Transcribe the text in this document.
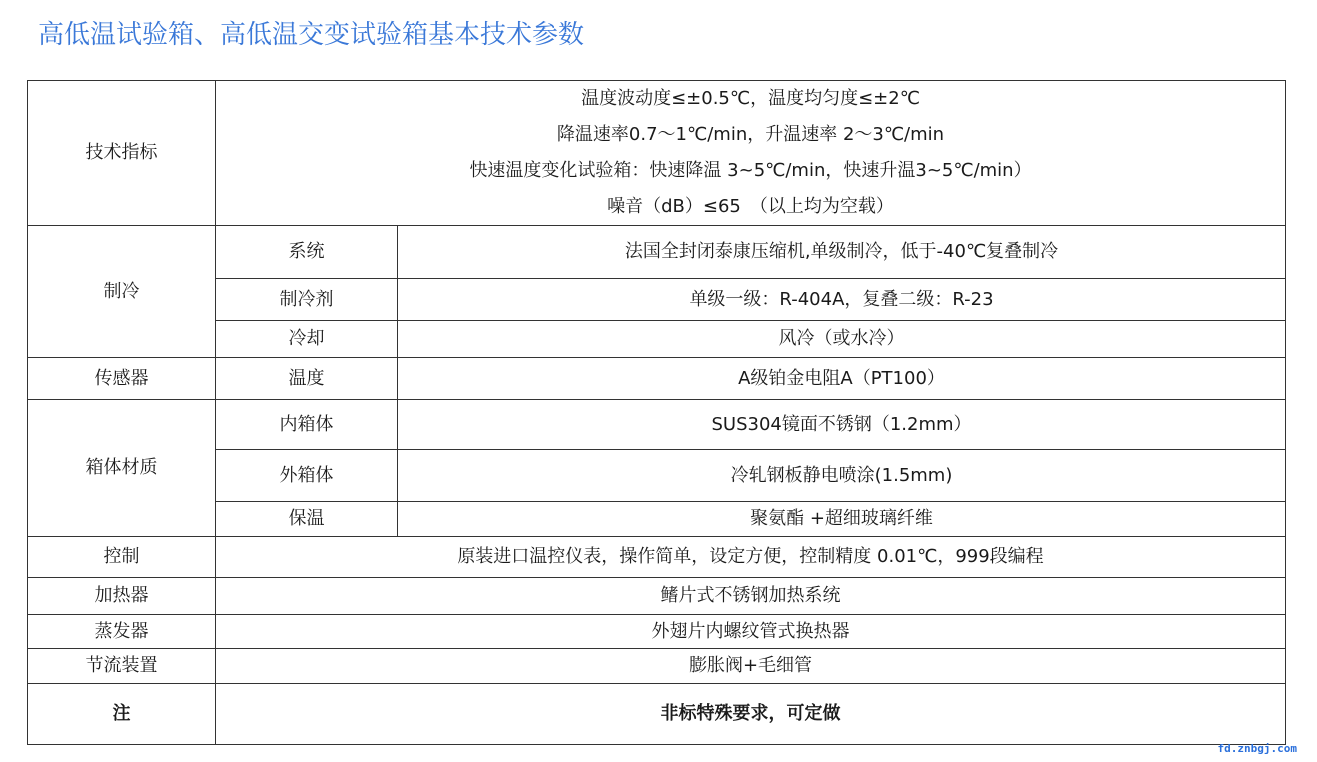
高低温试验箱、高低温交变试验箱基本技术参数
技术指标	温度波动度≤±0.5℃，温度均匀度≤±2℃
降温速率0.7～1℃/min，升温速率 2～3℃/min
快速温度变化试验箱：快速降温 3~5℃/min，快速升温3~5℃/min）
噪音（dB）≤65　（以上均为空载）	

制冷	系统	法国全封闭泰康压缩机,单级制冷，低于-40℃复叠制冷
	制冷剂	单级一级：R-404A，复叠二级：R-23
	冷却	风冷（或水冷）
传感器	温度	A级铂金电阻A（PT100）
箱体材质	内箱体	SUS304镜面不锈钢（1.2mm）
	外箱体	冷轧钢板静电喷涂(1.5mm)
	保温	聚氨酯 +超细玻璃纤维
控制	原装进口温控仪表，操作简单，设定方便，控制精度 0.01℃，999段编程	
加热器	鳍片式不锈钢加热系统	
蒸发器	外翅片内螺纹管式换热器	
节流装置	膨胀阀+毛细管	
注	非标特殊要求，可定做	
fd.znbgj.com
